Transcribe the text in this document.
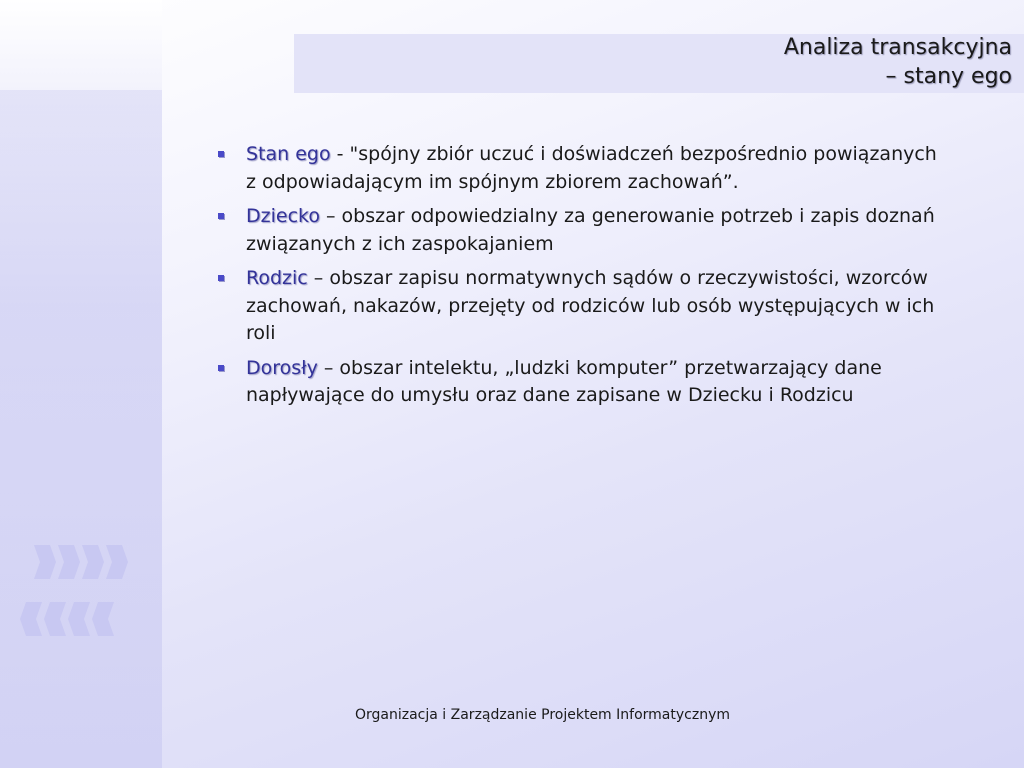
Analiza transakcyjna
– stany ego
Stan ego - "spójny zbiór uczuć i doświadczeń bezpośrednio powiązanych z odpowiadającym im spójnym zbiorem zachowań”.
Dziecko – obszar odpowiedzialny za generowanie potrzeb i zapis doznań związanych z ich zaspokajaniem
Rodzic – obszar zapisu normatywnych sądów o rzeczywistości, wzorców zachowań, nakazów, przejęty od rodziców lub osób występujących w ich roli
Dorosły – obszar intelektu, „ludzki komputer” przetwarzający dane napływające do umysłu oraz dane zapisane w Dziecku i Rodzicu
Organizacja i Zarządzanie Projektem Informatycznym
